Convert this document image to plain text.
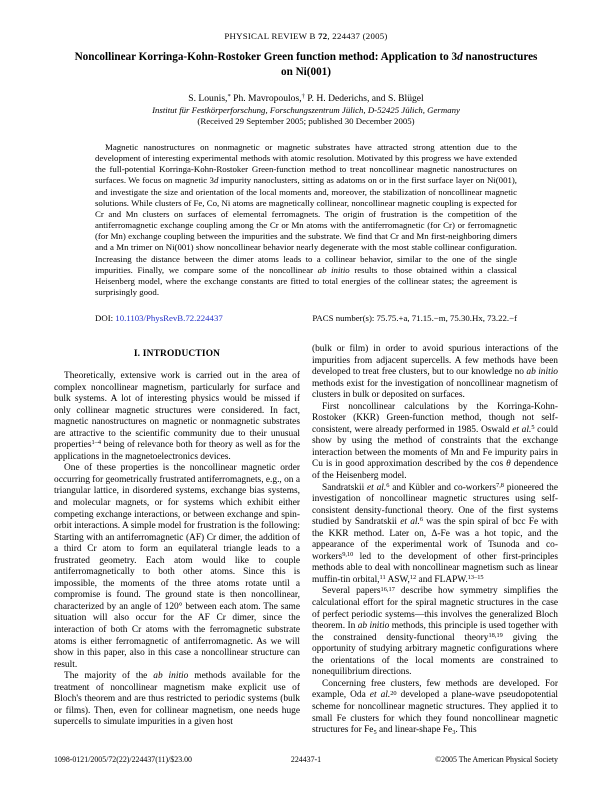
PHYSICAL REVIEW B 72, 224437 (2005)
Noncollinear Korringa-Kohn-Rostoker Green function method: Application to 3d nanostructures
on Ni(001)
S. Lounis,* Ph. Mavropoulos,† P. H. Dederichs, and S. Blügel
Institut für Festkörperforschung, Forschungszentrum Jülich, D-52425 Jülich, Germany
(Received 29 September 2005; published 30 December 2005)
Magnetic nanostructures on nonmagnetic or magnetic substrates have attracted strong attention due to the development of interesting experimental methods with atomic resolution. Motivated by this progress we have extended the full-potential Korringa-Kohn-Rostoker Green-function method to treat noncollinear magnetic nanostructures on surfaces. We focus on magnetic 3d impurity nanoclusters, sitting as adatoms on or in the first surface layer on Ni(001), and investigate the size and orientation of the local moments and, moreover, the stabilization of noncollinear magnetic solutions. While clusters of Fe, Co, Ni atoms are magnetically collinear, noncollinear magnetic coupling is expected for Cr and Mn clusters on surfaces of elemental ferromagnets. The origin of frustration is the competition of the antiferromagnetic exchange coupling among the Cr or Mn atoms with the antiferromagnetic (for Cr) or ferromagnetic (for Mn) exchange coupling between the impurities and the substrate. We find that Cr and Mn first-neighboring dimers and a Mn trimer on Ni(001) show noncollinear behavior nearly degenerate with the most stable collinear configuration. Increasing the distance between the dimer atoms leads to a collinear behavior, similar to the one of the single impurities. Finally, we compare some of the noncollinear ab initio results to those obtained within a classical Heisenberg model, where the exchange constants are fitted to total energies of the collinear states; the agreement is surprisingly good.
DOI: 10.1103/PhysRevB.72.224437	PACS number(s): 75.75.+a, 71.15.−m, 75.30.Hx, 73.22.−f
I. INTRODUCTION

Theoretically, extensive work is carried out in the area of complex noncollinear magnetism, particularly for surface and bulk systems. A lot of interesting physics would be missed if only collinear magnetic structures were considered. In fact, magnetic nanostructures on magnetic or nonmagnetic substrates are attractive to the scientific community due to their unusual properties$^{1-4}$ being of relevance both for theory as well as for the applications in the magnetoelectronics devices.

One of these properties is the noncollinear magnetic order occurring for geometrically frustrated antiferromagnets, e.g., on a triangular lattice, in disordered systems, exchange bias systems, and molecular magnets, or for systems which exhibit either competing exchange interactions, or between exchange and spin-orbit interactions. A simple model for frustration is the following: Starting with an antiferromagnetic (AF) Cr dimer, the addition of a third Cr atom to form an equilateral triangle leads to a frustrated geometry. Each atom would like to couple antiferromagnetically to both other atoms. Since this is impossible, the moments of the three atoms rotate until a compromise is found. The ground state is then noncollinear, characterized by an angle of 120° between each atom. The same situation will also occur for the AF Cr dimer, since the interaction of both Cr atoms with the ferromagnetic substrate atoms is either ferromagnetic of antiferromagnetic. As we will show in this paper, also in this case a noncollinear structure can result.

The majority of the ab initio methods available for the treatment of noncollinear magnetism make explicit use of Bloch's theorem and are thus restricted to periodic systems (bulk or films). Then, even for collinear magnetism, one needs huge supercells to simulate impurities in a given host

(bulk or film) in order to avoid spurious interactions of the impurities from adjacent supercells. A few methods have been developed to treat free clusters, but to our knowledge no ab initio methods exist for the investigation of noncollinear magnetism of clusters in bulk or deposited on surfaces.

First noncollinear calculations by the Korringa-Kohn-Rostoker (KKR) Green-function method, though not self-consistent, were already performed in 1985. Oswald et al.$^5$ could show by using the method of constraints that the exchange interaction between the moments of Mn and Fe impurity pairs in Cu is in good approximation described by the cos θ dependence of the Heisenberg model.

Sandratskii et al.$^6$ and Kübler and co-workers$^{7,8}$ pioneered the investigation of noncollinear magnetic structures using self-consistent density-functional theory. One of the first systems studied by Sandratskii et al.$^6$ was the spin spiral of bcc Fe with the KKR method. Later on, Δ-Fe was a hot topic, and the appearance of the experimental work of Tsunoda and co-workers$^{9,10}$ led to the development of other first-principles methods able to deal with noncollinear magnetism such as linear muffin-tin orbital,$^{11}$ ASW,$^{12}$ and FLAPW.$^{13-15}$

Several papers$^{16,17}$ describe how symmetry simplifies the calculational effort for the spiral magnetic structures in the case of perfect periodic systems—this involves the generalized Bloch theorem. In ab initio methods, this principle is used together with the constrained density-functional theory$^{18,19}$ giving the opportunity of studying arbitrary magnetic configurations where the orientations of the local moments are constrained to nonequilibrium directions.

Concerning free clusters, few methods are developed. For example, Oda et al.$^{20}$ developed a plane-wave pseudopotential scheme for noncollinear magnetic structures. They applied it to small Fe clusters for which they found noncollinear magnetic structures for $Fe_5$ and linear-shape $Fe_3$. This

1098-0121/2005/72(22)/224437(11)/$23.00	224437-1	©2005 The American Physical Society
